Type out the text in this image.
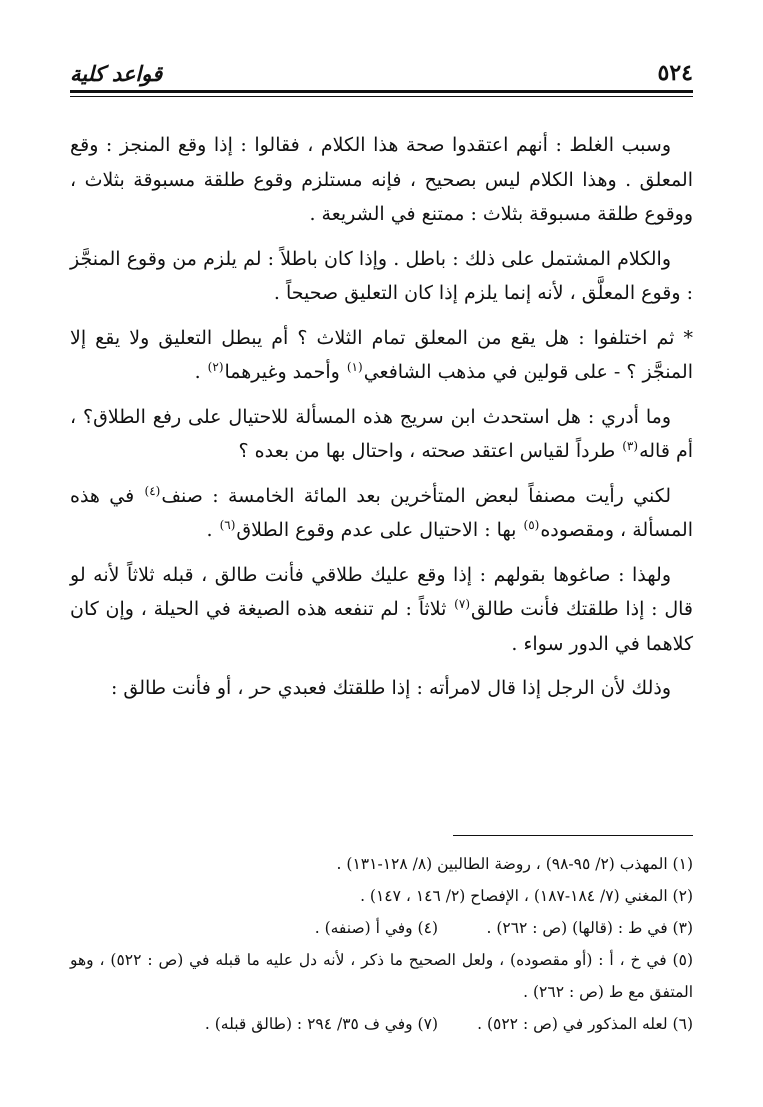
٥٢٤
قواعد كلية

وسبب الغلط : أنهم اعتقدوا صحة هذا الكلام ، فقالوا : إذا وقع المنجز : وقع المعلق . وهذا الكلام ليس بصحيح ، فإنه مستلزم وقوع طلقة مسبوقة بثلاث ، ووقوع طلقة مسبوقة بثلاث : ممتنع في الشريعة .

والكلام المشتمل على ذلك : باطل . وإذا كان باطلاً : لم يلزم من وقوع المنجَّز : وقوع المعلَّق ، لأنه إنما يلزم إذا كان التعليق صحيحاً .

* ثم اختلفوا : هل يقع من المعلق تمام الثلاث ؟ أم يبطل التعليق ولا يقع إلا المنجَّز ؟ - على قولين في مذهب الشافعي$^{(١)}$ وأحمد وغيرهما$^{(٢)}$ .

وما أدري : هل استحدث ابن سريج هذه المسألة للاحتيال على رفع الطلاق؟ ، أم قاله$^{(٣)}$ طرداً لقياس اعتقد صحته ، واحتال بها من بعده ؟

لكني رأيت مصنفاً لبعض المتأخرين بعد المائة الخامسة : صنف$^{(٤)}$ في هذه المسألة ، ومقصوده$^{(٥)}$ بها : الاحتيال على عدم وقوع الطلاق$^{(٦)}$ .

ولهذا : صاغوها بقولهم : إذا وقع عليك طلاقي فأنت طالق ، قبله ثلاثاً لأنه لو قال : إذا طلقتك فأنت طالق$^{(٧)}$ ثلاثاً : لم تنفعه هذه الصيغة في الحيلة ، وإن كان كلاهما في الدور سواء .

وذلك لأن الرجل إذا قال لامرأته : إذا طلقتك فعبدي حر ، أو فأنت طالق :

(١) المهذب (٢/ ٩٥-٩٨) ، روضة الطالبين (٨/ ١٢٨-١٣١) .

(٢) المغني (٧/ ١٨٤-١٨٧) ، الإفصاح (٢/ ١٤٦ ، ١٤٧) .

(٣) في ط : (قالها) (ص : ٢٦٢) .
(٤) وفي أ (صنفه) .

(٥) في خ ، أ : (أو مقصوده) ، ولعل الصحيح ما ذكر ، لأنه دل عليه ما قبله في (ص : ٥٢٢) ، وهو المتفق مع ط (ص : ٢٦٢) .

(٦) لعله المذكور في (ص : ٥٢٢) .
(٧) وفي ف ٣٥/ ٢٩٤ : (طالق قبله) .
